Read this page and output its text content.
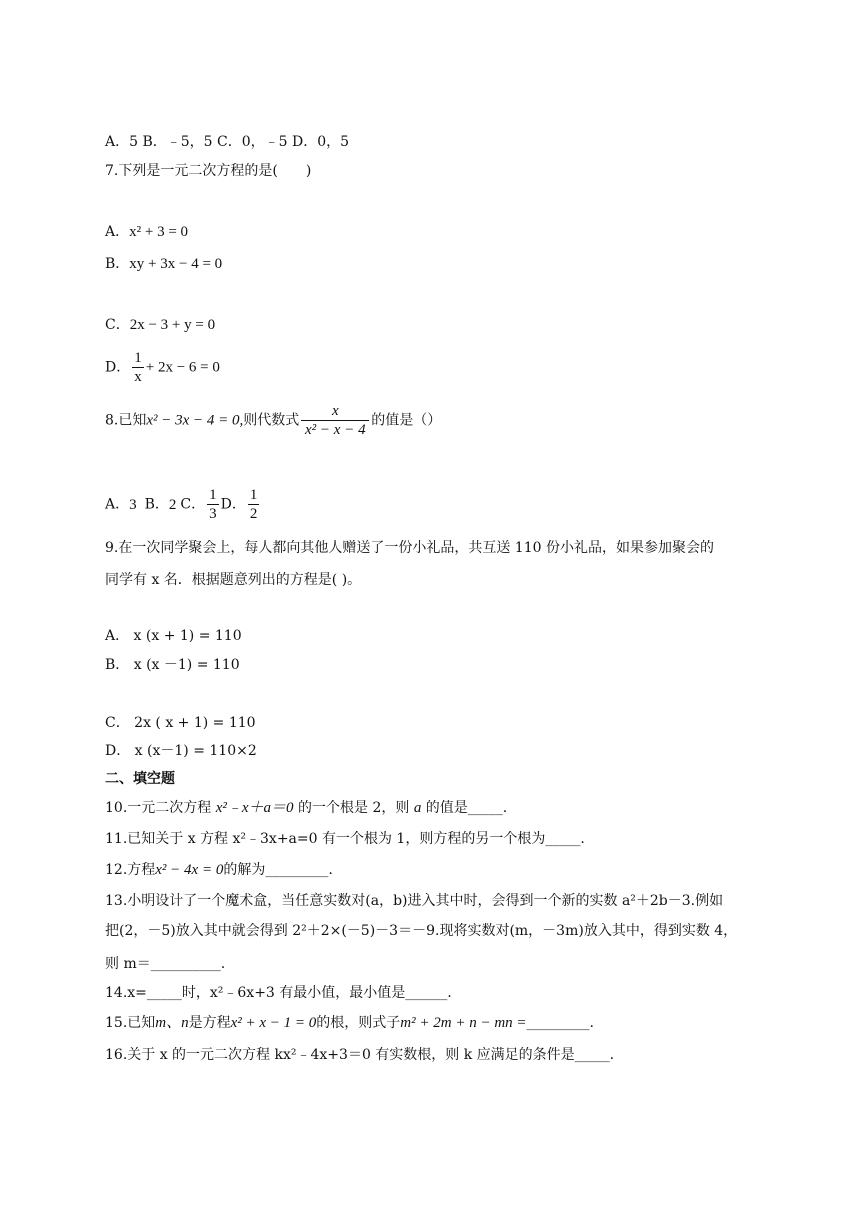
A．5 B．﹣5，5 C．0，﹣5 D．0，5
7.下列是一元二次方程的是(　　)
A．x² + 3 = 0
B．xy + 3x − 4 = 0
C．2x − 3 + y = 0
D． $\frac{1}{x} + 2x - 6 = 0$
8.已知x² − 3x − 4 = 0,则代数式 $\frac{x}{\text{x² − x − 4}}$ 的值是（）
A．3 B．2 C． $\frac{1}{3}$ D． $\frac{1}{2}$
9.在一次同学聚会上，每人都向其他人赠送了一份小礼品，共互送 110 份小礼品，如果参加聚会的
同学有 x 名．根据题意列出的方程是( )。
A． x (x + 1) = 110
B． x (x －1) = 110
C． 2x ( x + 1) = 110
D． x (x－1) = 110×2
二、填空题
10.一元二次方程 x²﹣x＋a＝0 的一个根是 2，则 a 的值是_____.
11.已知关于 x 方程 x²﹣3x+a=0 有一个根为 1，则方程的另一个根为_____.
12.方程x² − 4x = 0的解为_________.
13.小明设计了一个魔术盒，当任意实数对(a，b)进入其中时，会得到一个新的实数 a²＋2b－3.例如
把(2，－5)放入其中就会得到 2²＋2×(－5)－3＝－9.现将实数对(m，－3m)放入其中，得到实数 4，
则 m＝__________.
14.x=_____时，x²﹣6x+3 有最小值，最小值是______.
15.已知m、n是方程x² + x − 1 = 0的根，则式子m² + 2m + n − mn =_________.
16.关于 x 的一元二次方程 kx²﹣4x+3＝0 有实数根，则 k 应满足的条件是_____.
